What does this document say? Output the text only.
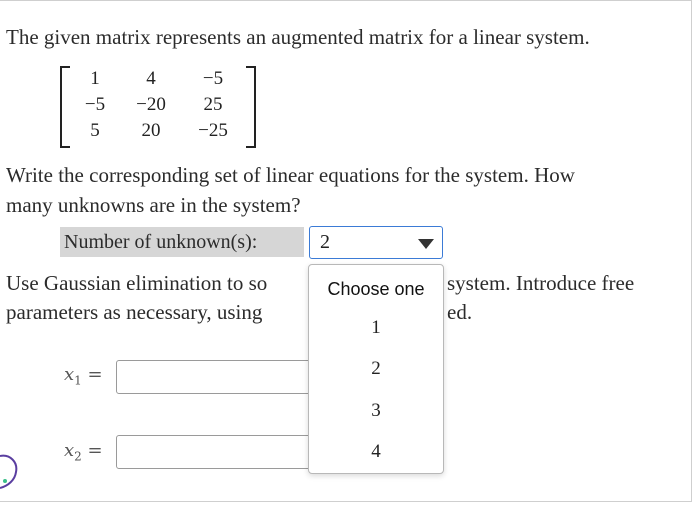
The given matrix represents an augmented matrix for a linear system.
1	4	−5
−5	−20	25
5	20	−25
Write the corresponding set of linear equations for the system. How
many unknowns are in the system?
Number of unknown(s):	2
Use Gaussian elimination to so	system. Introduce free
parameters as necessary, using	ed.
$x_1$ =
$x_2$ =
Choose one
1
2
3
4
